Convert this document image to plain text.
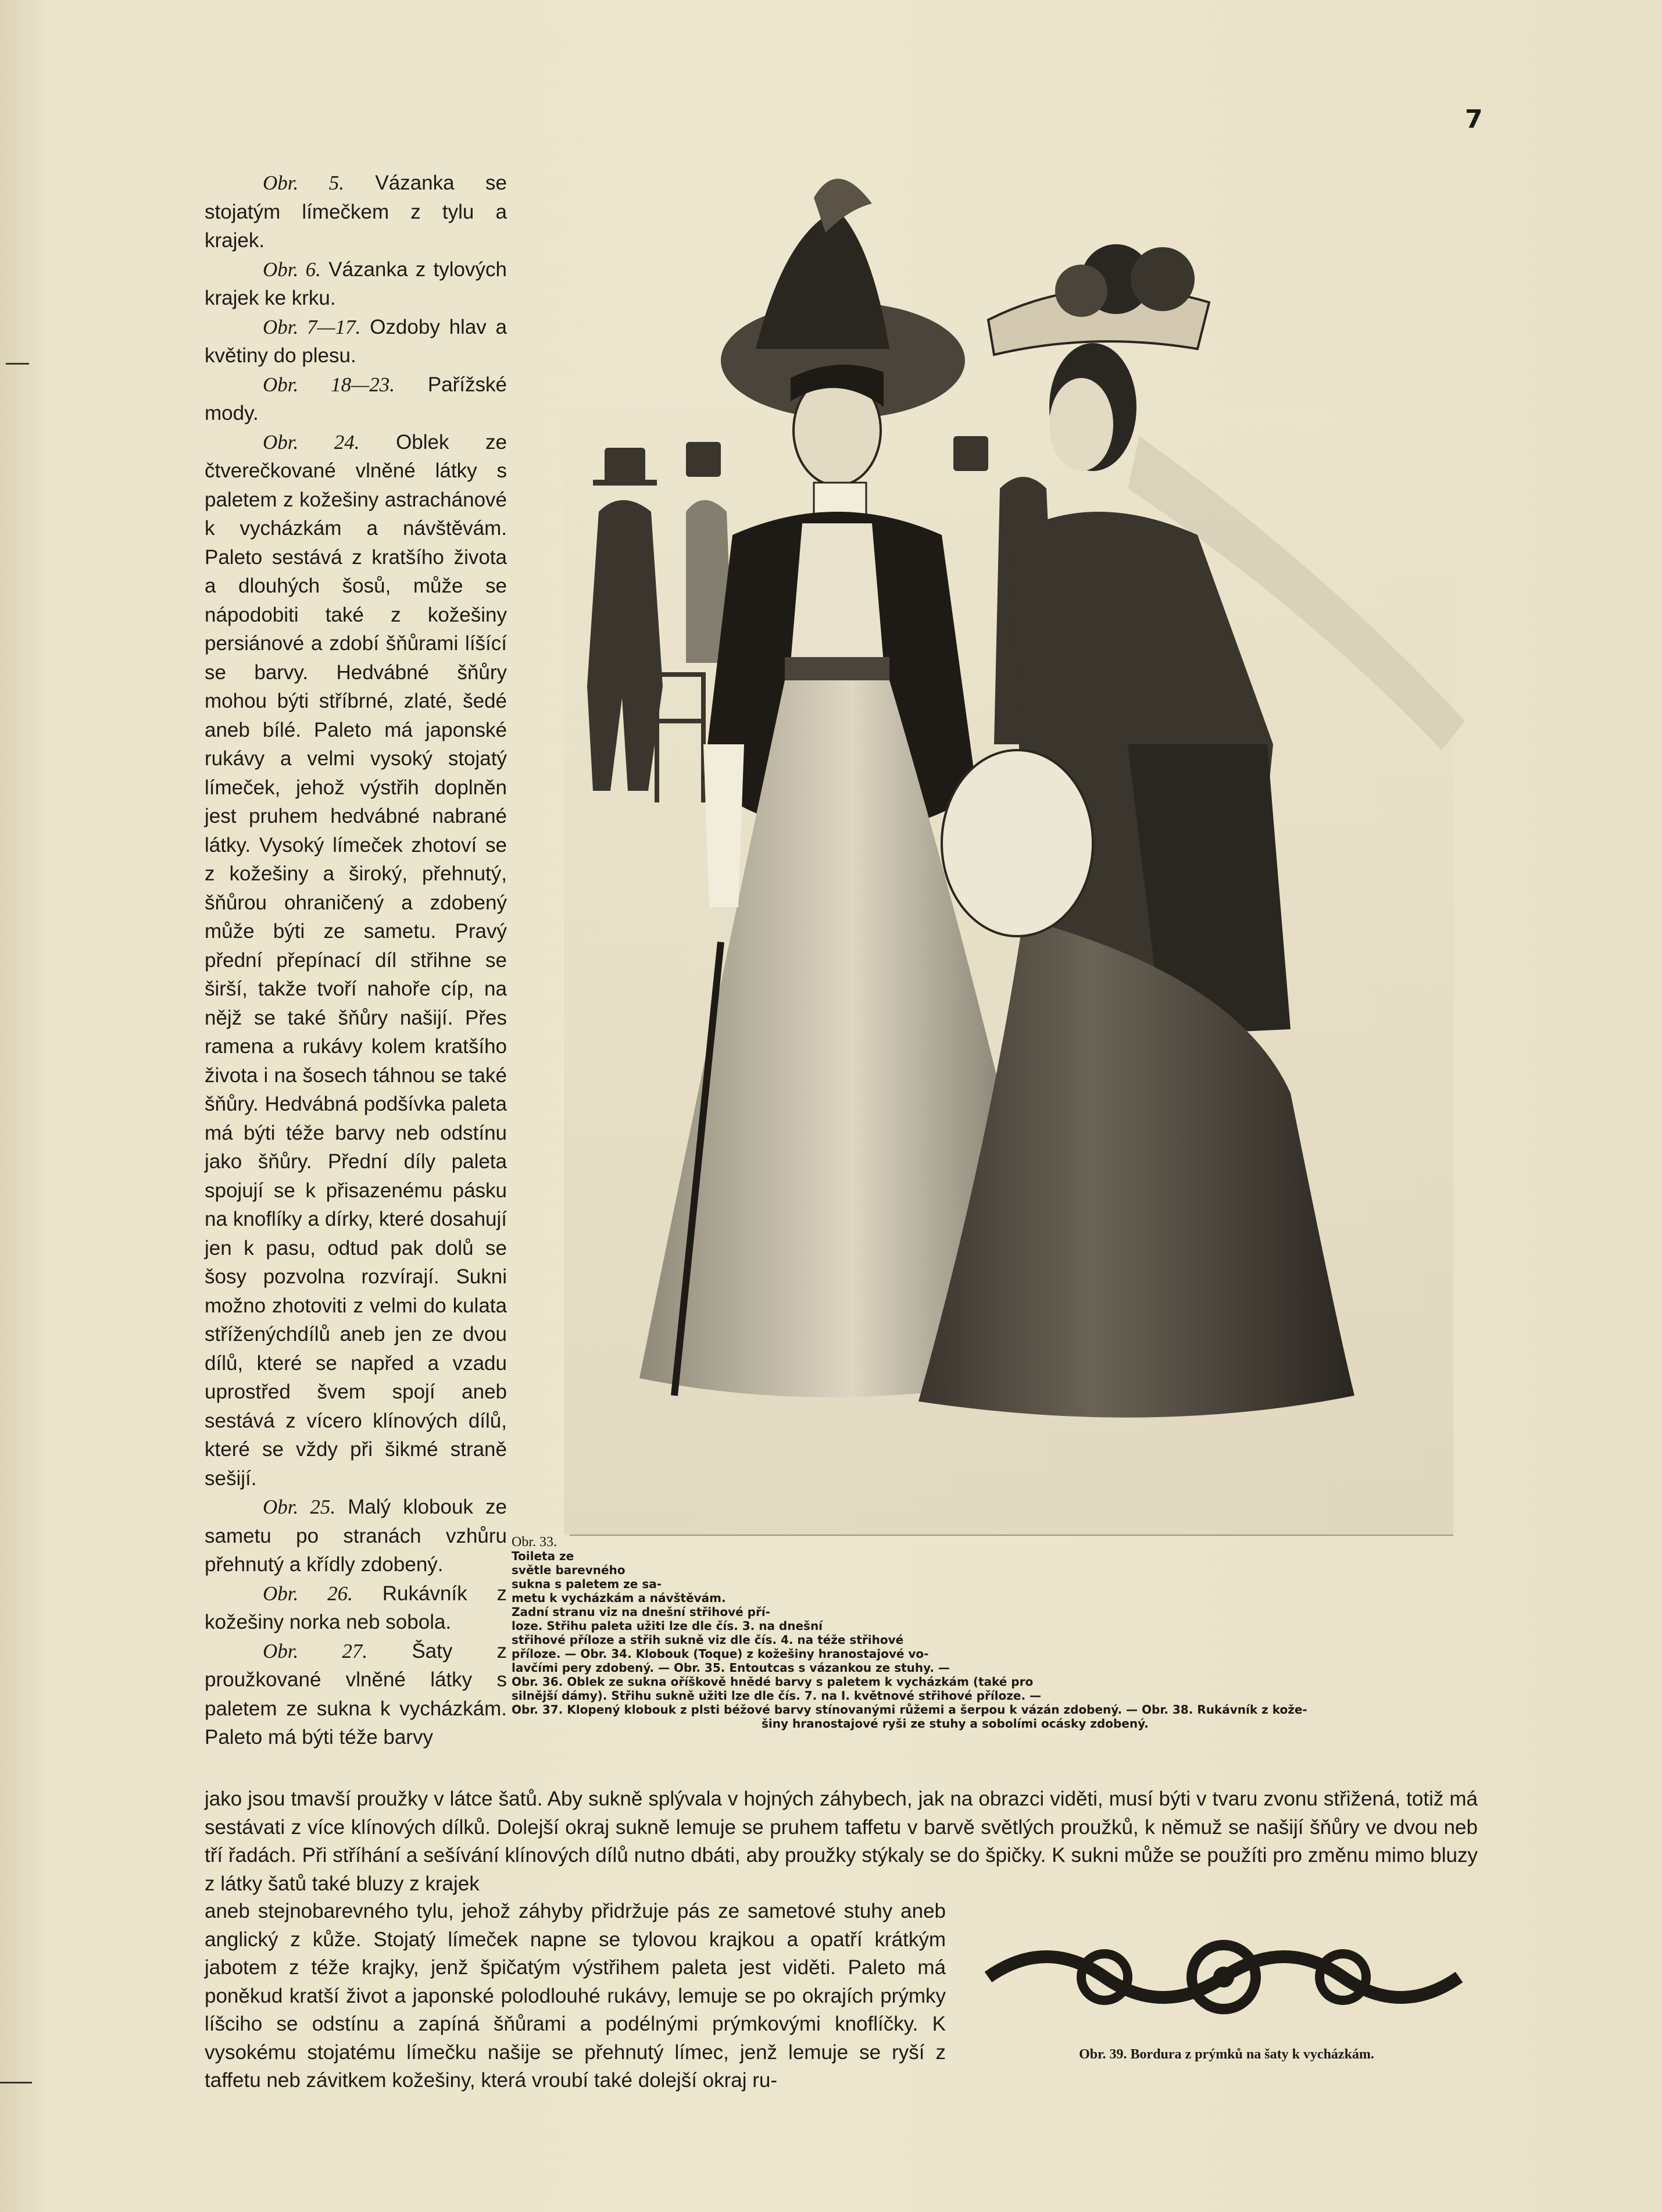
7

Obr. 5. Vázanka se stojatým límečkem z tylu a krajek.

Obr. 6. Vázanka z tylových krajek ke krku.

Obr. 7—17. Ozdoby hlav a květiny do plesu.

Obr. 18—23. Pařížské mody.

Obr. 24. Oblek ze čtverečkované vlněné látky s paletem z kožešiny astrachánové k vycházkám a návštěvám. Paleto sestává z kratšího života a dlouhých šosů, může se nápodobiti také z kožešiny persiánové a zdobí šňůrami líšící se barvy. Hedvábné šňůry mohou býti stříbrné, zlaté, šedé aneb bílé. Paleto má japonské rukávy a velmi vysoký stojatý límeček, jehož výstřih doplněn jest pruhem hedvábné nabrané látky. Vysoký límeček zhotoví se z kožešiny a široký, přehnutý, šňůrou ohraničený a zdobený může býti ze sametu. Pravý přední přepínací díl střihne se širší, takže tvoří nahoře cíp, na nějž se také šňůry našijí. Přes ramena a rukávy kolem kratšího života i na šosech táhnou se také šňůry. Hedvábná podšívka paleta má býti téže barvy neb odstínu jako šňůry. Přední díly paleta spojují se k přisazenému pásku na knoflíky a dírky, které dosahují jen k pasu, odtud pak dolů se šosy pozvolna rozvírají. Sukni možno zhotoviti z velmi do kulata stříženýchdílů aneb jen ze dvou dílů, které se napřed a vzadu uprostřed švem spojí aneb sestává z vícero klínových dílů, které se vždy při šikmé straně sešijí.

Obr. 25. Malý klobouk ze sametu po stranách vzhůru přehnutý a křídly zdobený.

Obr. 26. Rukávník z kožešiny norka neb sobola.

Obr. 27. Šaty z proužkované vlněné látky s paletem ze sukna k vycházkám. Paleto má býti téže barvy

Obr. 33.
Toileta ze
světle barevného
sukna s paletem ze sa-
metu k vycházkám a návštěvám.
Zadní stranu viz na dnešní střihové pří-
loze. Střihu paleta užiti lze dle čís. 3. na dnešní
střihové příloze a střih sukně viz dle čís. 4. na téže střihové
příloze. — Obr. 34. Klobouk (Toque) z kožešiny hranostajové vo-
lavčími pery zdobený. — Obr. 35. Entoutcas s vázankou ze stuhy. —
Obr. 36. Oblek ze sukna oříškově hnědé barvy s paletem k vycházkám (také pro
silnější dámy). Střihu sukně užiti lze dle čís. 7. na I. květnové střihové příloze. —
Obr. 37. Klopený klobouk z plsti béžové barvy stínovanými růžemi a šerpou k vázán zdobený. — Obr. 38. Rukávník z kože-
šiny hranostajové ryši ze stuhy a sobolími ocásky zdobený.
jako jsou tmavší proužky v látce šatů. Aby sukně splývala v hojných záhybech, jak na obrazci viděti, musí býti v tvaru zvonu střižená, totiž má sestávati z více klínových dílků. Dolejší okraj sukně lemuje se pruhem taffetu v barvě světlých proužků, k němuž se našijí šňůry ve dvou neb tří řadách. Při stříhání a sešívání klínových dílů nutno dbáti, aby proužky stýkaly se do špičky. K sukni může se použíti pro změnu mimo bluzy z látky šatů také bluzy z krajek
aneb stejnobarevného tylu, jehož záhyby přidržuje pás ze sametové stuhy aneb anglický z kůže. Stojatý límeček napne se tylovou krajkou a opatří krátkým jabotem z téže krajky, jenž špičatým výstřihem paleta jest viděti. Paleto má poněkud kratší život a japonské polodlouhé rukávy, lemuje se po okrajích prýmky líšciho se odstínu a zapíná šňůrami a podélnými prýmkovými knoflíčky. K vysokému stojatému límečku našije se přehnutý límec, jenž lemuje se ryší z taffetu neb závitkem kožešiny, která vroubí také dolejší okraj ru-
Obr. 39. Bordura z prýmků na šaty k vycházkám.
